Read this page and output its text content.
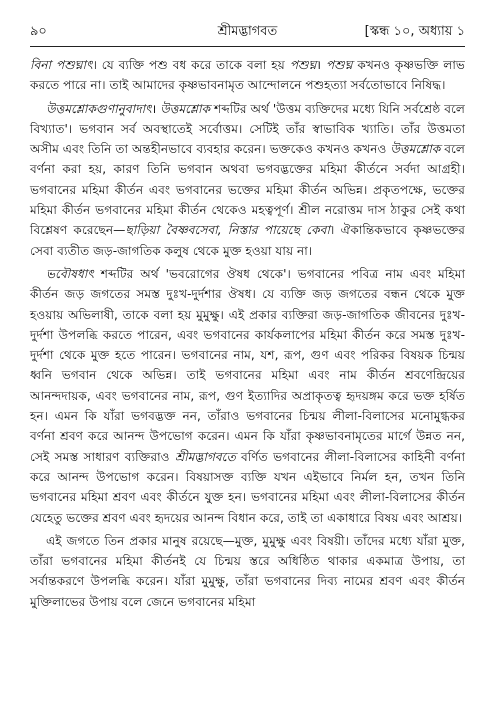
৯০	শ্রীমদ্ভাগবত	[স্কন্ধ ১০, অধ্যায় ১

বিনা পশুঘ্নাৎ। যে ব্যক্তি পশু বধ করে তাকে বলা হয় পশুঘ্ন। পশুঘ্ন কখনও কৃষ্ণভক্তি লাভ করতে পারে না। তাই আমাদের কৃষ্ণভাবনামৃত আন্দোলনে পশুহত্যা সর্বতোভাবে নিষিদ্ধ।

উত্তমশ্লোকগুণানুবাদাৎ। উত্তমশ্লোক শব্দটির অর্থ 'উত্তম ব্যক্তিদের মধ্যে যিনি সর্বশ্রেষ্ঠ বলে বিখ্যাত'। ভগবান সর্ব অবস্থাতেই সর্বোত্তম। সেটিই তাঁর স্বাভাবিক খ্যাতি। তাঁর উত্তমতা অসীম এবং তিনি তা অন্তহীনভাবে ব্যবহার করেন। ভক্তকেও কখনও কখনও উত্তমশ্লোক বলে বর্ণনা করা হয়, কারণ তিনি ভগবান অথবা ভগবদ্ভক্তের মহিমা কীর্তনে সর্বদা আগ্রহী। ভগবানের মহিমা কীর্তন এবং ভগবানের ভক্তের মহিমা কীর্তন অভিন্ন। প্রকৃতপক্ষে, ভক্তের মহিমা কীর্তন ভগবানের মহিমা কীর্তন থেকেও মহত্বপূর্ণ। শ্রীল নরোত্তম দাস ঠাকুর সেই কথা বিশ্লেষণ করেছেন—ছাড়িয়া বৈষ্ণবসেবা, নিস্তার পায়েছে কেবা। ঐকান্তিকভাবে কৃষ্ণভক্তের সেবা ব্যতীত জড়-জাগতিক কলুষ থেকে মুক্ত হওয়া যায় না।

ভবৌষধাৎ শব্দটির অর্থ 'ভবরোগের ঔষধ থেকে'। ভগবানের পবিত্র নাম এবং মহিমা কীর্তন জড় জগতের সমস্ত দুঃখ-দুর্দশার ঔষধ। যে ব্যক্তি জড় জগতের বন্ধন থেকে মুক্ত হওয়ায় অভিলাষী, তাকে বলা হয় মুমুক্ষু। এই প্রকার ব্যক্তিরা জড়-জাগতিক জীবনের দুঃখ-দুর্দশা উপলব্ধি করতে পারেন, এবং ভগবানের কার্যকলাপের মহিমা কীর্তন করে সমস্ত দুঃখ-দুর্দশা থেকে মুক্ত হতে পারেন। ভগবানের নাম, যশ, রূপ, গুণ এবং পরিকর বিষয়ক চিন্ময় ধ্বনি ভগবান থেকে অভিন্ন। তাই ভগবানের মহিমা এবং নাম কীর্তন শ্রবণেন্দ্রিয়ের আনন্দদায়ক, এবং ভগবানের নাম, রূপ, গুণ ইত্যাদির অপ্রাকৃতত্ব হৃদয়ঙ্গম করে ভক্ত হর্ষিত হন। এমন কি যাঁরা ভগবদ্ভক্ত নন, তাঁরাও ভগবানের চিন্ময় লীলা-বিলাসের মনোমুগ্ধকর বর্ণনা শ্রবণ করে আনন্দ উপভোগ করেন। এমন কি যাঁরা কৃষ্ণভাবনামৃতের মার্গে উন্নত নন, সেই সমস্ত সাধারণ ব্যক্তিরাও শ্রীমদ্ভাগবতে বর্ণিত ভগবানের লীলা-বিলাসের কাহিনী বর্ণনা করে আনন্দ উপভোগ করেন। বিষয়াসক্ত ব্যক্তি যখন এইভাবে নির্মল হন, তখন তিনি ভগবানের মহিমা শ্রবণ এবং কীর্তনে যুক্ত হন। ভগবানের মহিমা এবং লীলা-বিলাসের কীর্তন যেহেতু ভক্তের শ্রবণ এবং হৃদয়ের আনন্দ বিধান করে, তাই তা একাধারে বিষয় এবং আশ্রয়।

এই জগতে তিন প্রকার মানুষ রয়েছে—মুক্ত, মুমুক্ষু এবং বিষয়ী। তাঁদের মধ্যে যাঁরা মুক্ত, তাঁরা ভগবানের মহিমা কীর্তনই যে চিন্ময় স্তরে অধিষ্ঠিত থাকার একমাত্র উপায়, তা সর্বান্তকরণে উপলব্ধি করেন। যাঁরা মুমুক্ষু, তাঁরা ভগবানের দিব্য নামের শ্রবণ এবং কীর্তন মুক্তিলাভের উপায় বলে জেনে ভগবানের মহিমা
